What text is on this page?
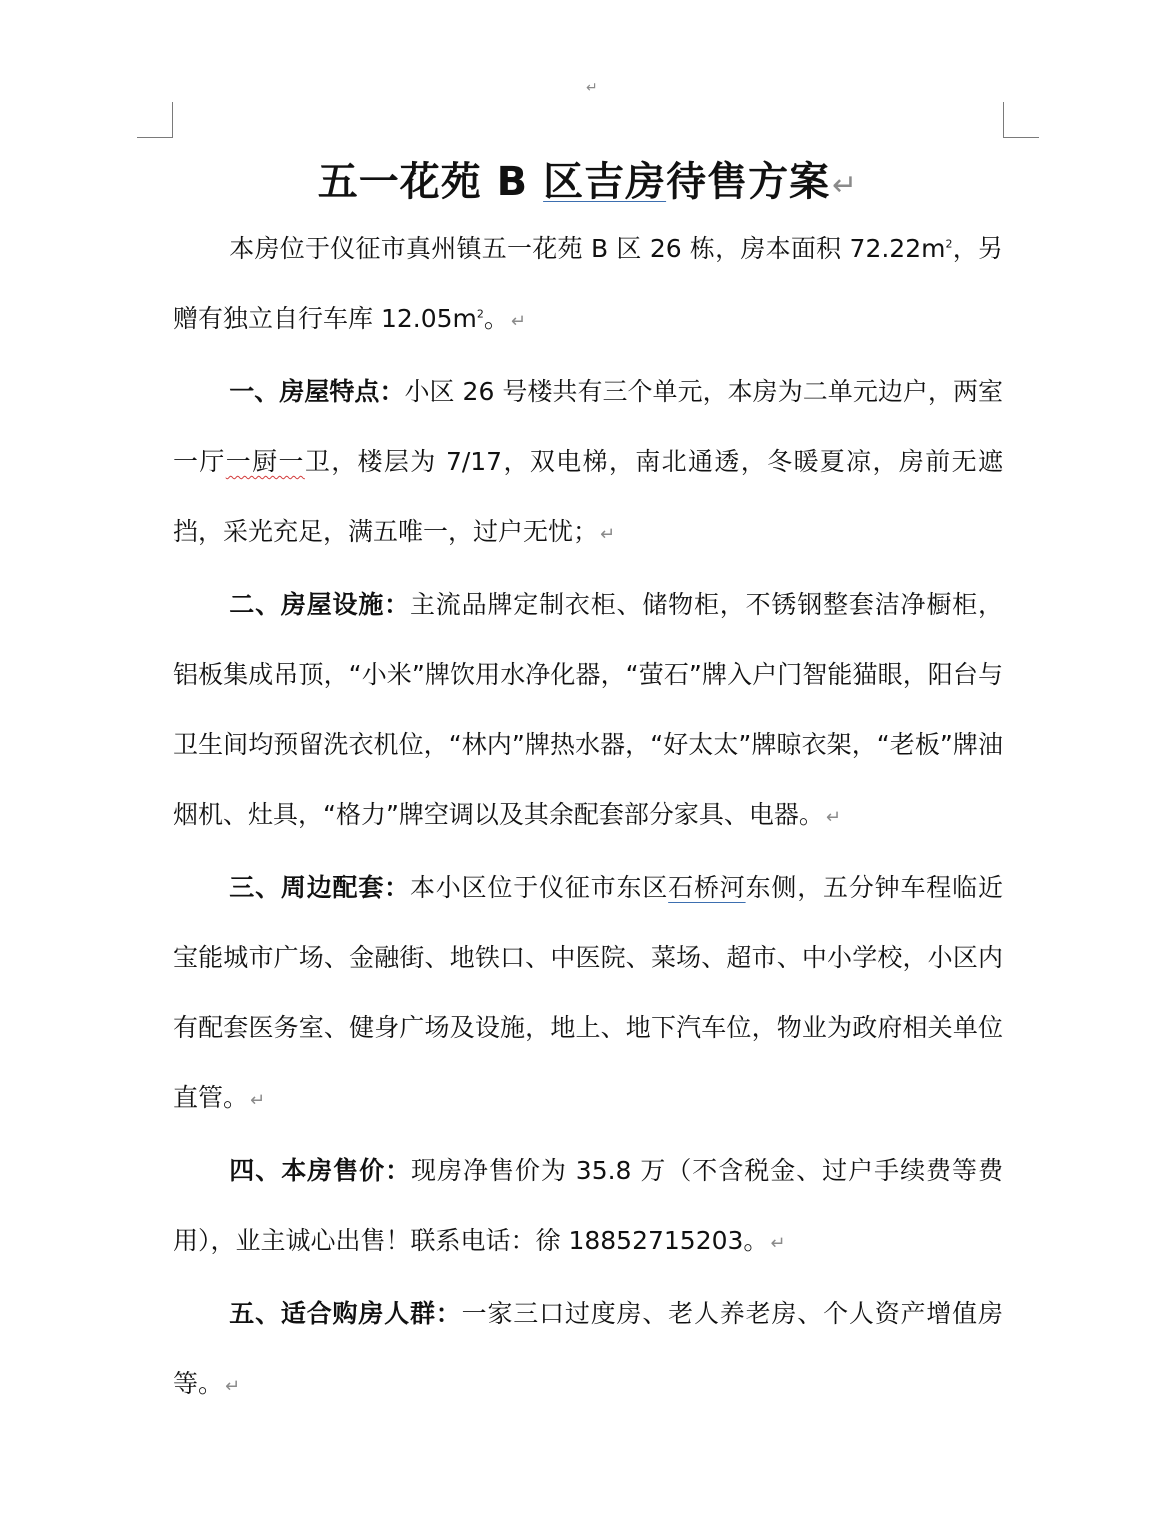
↵
五一花苑 B 区吉房待售方案↵

本房位于仪征市真州镇五一花苑 B 区 26 栋，房本面积 $72.22m^2$，另赠有独立自行车库 $12.05m^2$。 ↵

一、房屋特点：小区 26 号楼共有三个单元，本房为二单元边户，两室一厅一厨一卫，楼层为 7/17，双电梯，南北通透，冬暖夏凉，房前无遮挡，采光充足，满五唯一，过户无忧； ↵

二、房屋设施：主流品牌定制衣柜、储物柜，不锈钢整套洁净橱柜，铝板集成吊顶，“小米”牌饮用水净化器，“萤石”牌入户门智能猫眼，阳台与卫生间均预留洗衣机位，“林内”牌热水器，“好太太”牌晾衣架，“老板”牌油烟机、灶具，“格力”牌空调以及其余配套部分家具、电器。 ↵

三、周边配套：本小区位于仪征市东区石桥河东侧，五分钟车程临近宝能城市广场、金融街、地铁口、中医院、菜场、超市、中小学校，小区内有配套医务室、健身广场及设施，地上、地下汽车位，物业为政府相关单位直管。 ↵

四、本房售价：现房净售价为 35.8 万（不含税金、过户手续费等费用），业主诚心出售！联系电话：徐 18852715203。 ↵

五、适合购房人群：一家三口过度房、老人养老房、个人资产增值房等。 ↵
